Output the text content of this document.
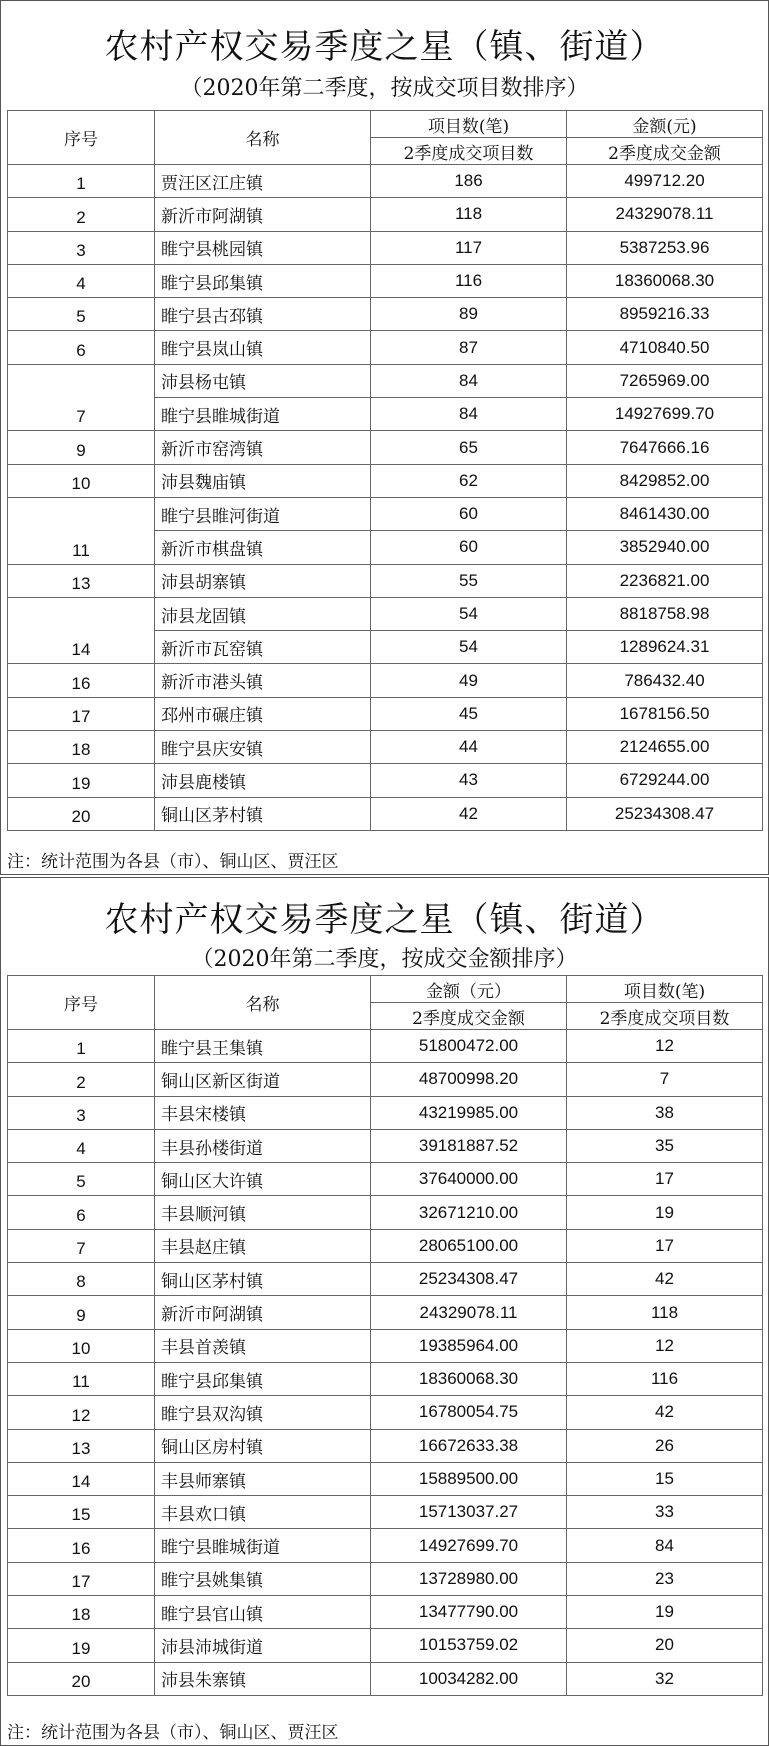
农村产权交易季度之星（镇、街道）
（2020年第二季度，按成交项目数排序）
序号	名称	项目数(笔)	金额(元)
		2季度成交项目数	2季度成交金额
1	贾汪区江庄镇	186	499712.20
2	新沂市阿湖镇	118	24329078.11
3	睢宁县桃园镇	117	5387253.96
4	睢宁县邱集镇	116	18360068.30
5	睢宁县古邳镇	89	8959216.33
6	睢宁县岚山镇	87	4710840.50
7	沛县杨屯镇	84	7265969.00
	睢宁县睢城街道	84	14927699.70
9	新沂市窑湾镇	65	7647666.16
10	沛县魏庙镇	62	8429852.00
11	睢宁县睢河街道	60	8461430.00
	新沂市棋盘镇	60	3852940.00
13	沛县胡寨镇	55	2236821.00
14	沛县龙固镇	54	8818758.98
	新沂市瓦窑镇	54	1289624.31
16	新沂市港头镇	49	786432.40
17	邳州市碾庄镇	45	1678156.50
18	睢宁县庆安镇	44	2124655.00
19	沛县鹿楼镇	43	6729244.00
20	铜山区茅村镇	42	25234308.47
注：统计范围为各县（市）、铜山区、贾汪区
农村产权交易季度之星（镇、街道）
（2020年第二季度，按成交金额排序）
序号	名称	金额（元）	项目数(笔)
		2季度成交金额	2季度成交项目数
1	睢宁县王集镇	51800472.00	12
2	铜山区新区街道	48700998.20	7
3	丰县宋楼镇	43219985.00	38
4	丰县孙楼街道	39181887.52	35
5	铜山区大许镇	37640000.00	17
6	丰县顺河镇	32671210.00	19
7	丰县赵庄镇	28065100.00	17
8	铜山区茅村镇	25234308.47	42
9	新沂市阿湖镇	24329078.11	118
10	丰县首羡镇	19385964.00	12
11	睢宁县邱集镇	18360068.30	116
12	睢宁县双沟镇	16780054.75	42
13	铜山区房村镇	16672633.38	26
14	丰县师寨镇	15889500.00	15
15	丰县欢口镇	15713037.27	33
16	睢宁县睢城街道	14927699.70	84
17	睢宁县姚集镇	13728980.00	23
18	睢宁县官山镇	13477790.00	19
19	沛县沛城街道	10153759.02	20
20	沛县朱寨镇	10034282.00	32
注：统计范围为各县（市）、铜山区、贾汪区
